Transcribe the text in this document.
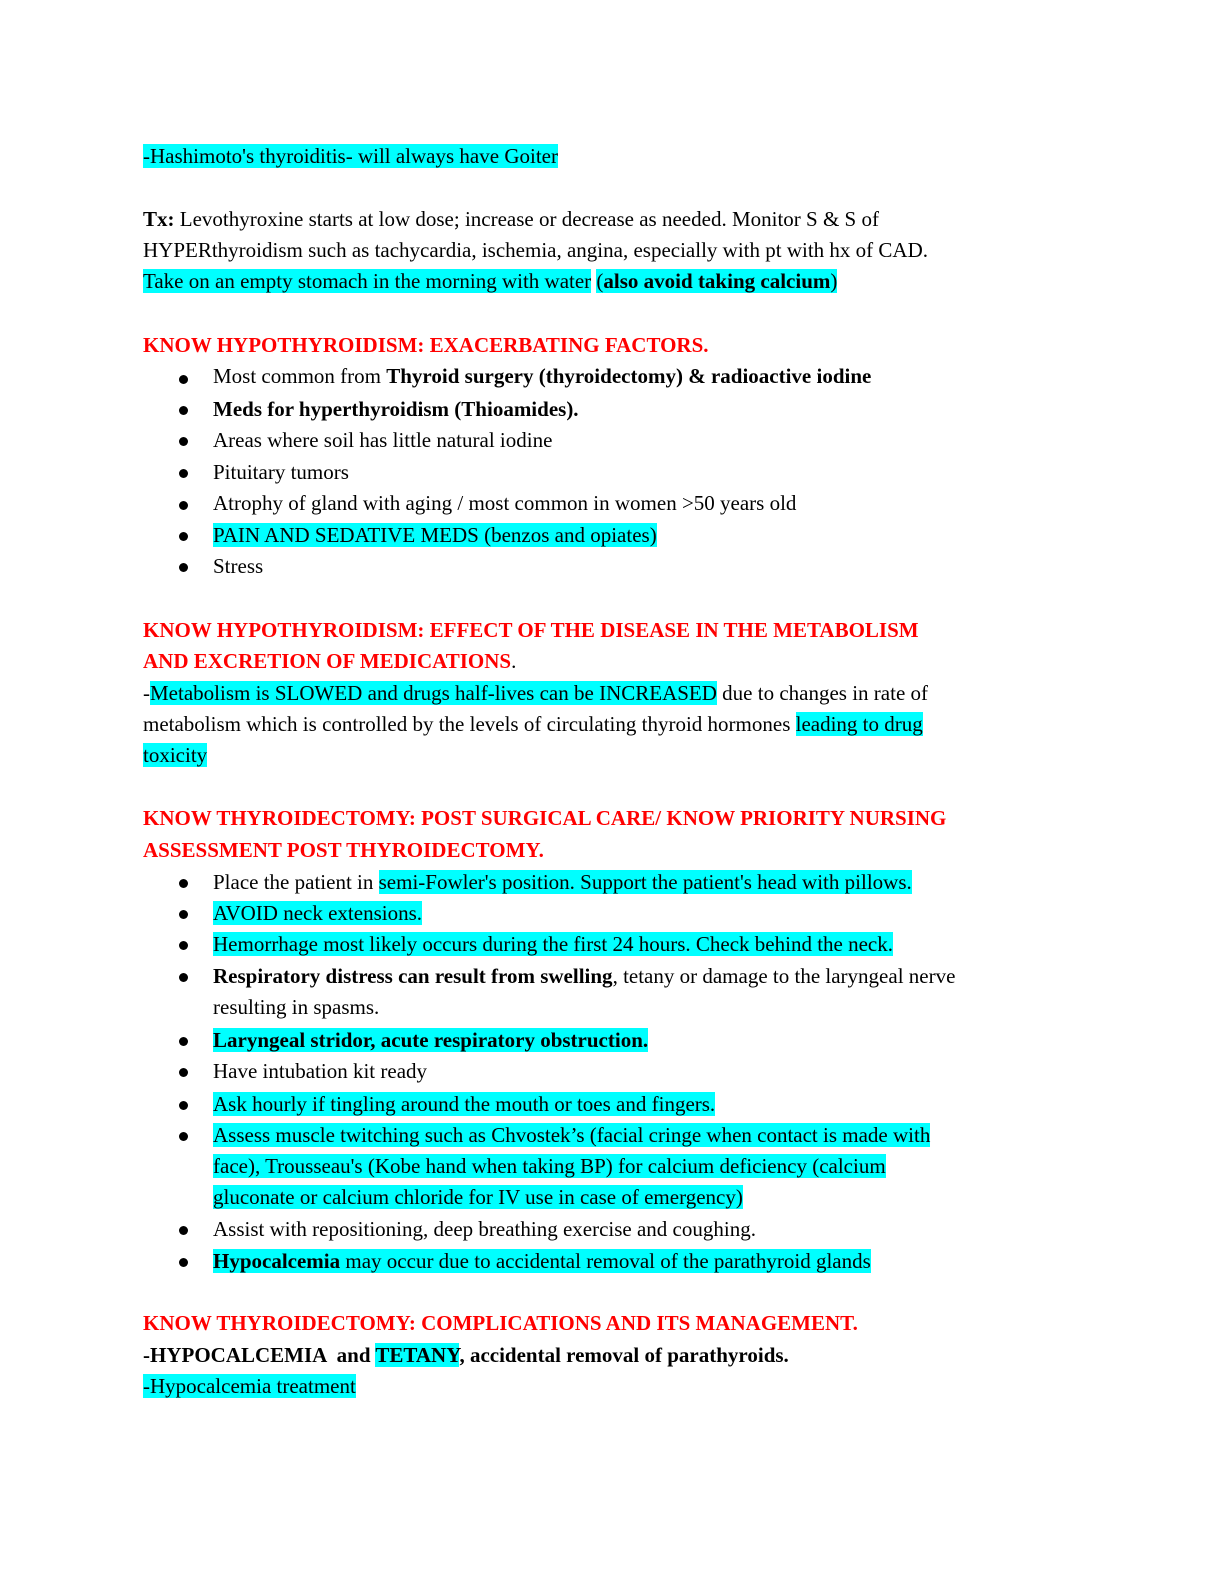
-Hashimoto's thyroiditis- will always have Goiter
Tx: Levothyroxine starts at low dose; increase or decrease as needed. Monitor S & S of
HYPERthyroidism such as tachycardia, ischemia, angina, especially with pt with hx of CAD.
Take on an empty stomach in the morning with water (also avoid taking calcium)
KNOW HYPOTHYROIDISM: EXACERBATING FACTORS.
Most common from Thyroid surgery (thyroidectomy) & radioactive iodine
Meds for hyperthyroidism (Thioamides).
Areas where soil has little natural iodine
Pituitary tumors
Atrophy of gland with aging / most common in women >50 years old
PAIN AND SEDATIVE MEDS (benzos and opiates)
Stress
KNOW HYPOTHYROIDISM: EFFECT OF THE DISEASE IN THE METABOLISM
AND EXCRETION OF MEDICATIONS.
-Metabolism is SLOWED and drugs half-lives can be INCREASED due to changes in rate of
metabolism which is controlled by the levels of circulating thyroid hormones leading to drug
toxicity
KNOW THYROIDECTOMY: POST SURGICAL CARE/ KNOW PRIORITY NURSING
ASSESSMENT POST THYROIDECTOMY.
Place the patient in semi-Fowler's position. Support the patient's head with pillows.
AVOID neck extensions.
Hemorrhage most likely occurs during the first 24 hours. Check behind the neck.
Respiratory distress can result from swelling, tetany or damage to the laryngeal nerve
resulting in spasms.
Laryngeal stridor, acute respiratory obstruction.
Have intubation kit ready
Ask hourly if tingling around the mouth or toes and fingers.
Assess muscle twitching such as Chvostek’s (facial cringe when contact is made with
face), Trousseau's (Kobe hand when taking BP) for calcium deficiency (calcium
gluconate or calcium chloride for IV use in case of emergency)
Assist with repositioning, deep breathing exercise and coughing.
Hypocalcemia may occur due to accidental removal of the parathyroid glands
KNOW THYROIDECTOMY: COMPLICATIONS AND ITS MANAGEMENT.
-HYPOCALCEMIA  and TETANY, accidental removal of parathyroids.
-Hypocalcemia treatment
